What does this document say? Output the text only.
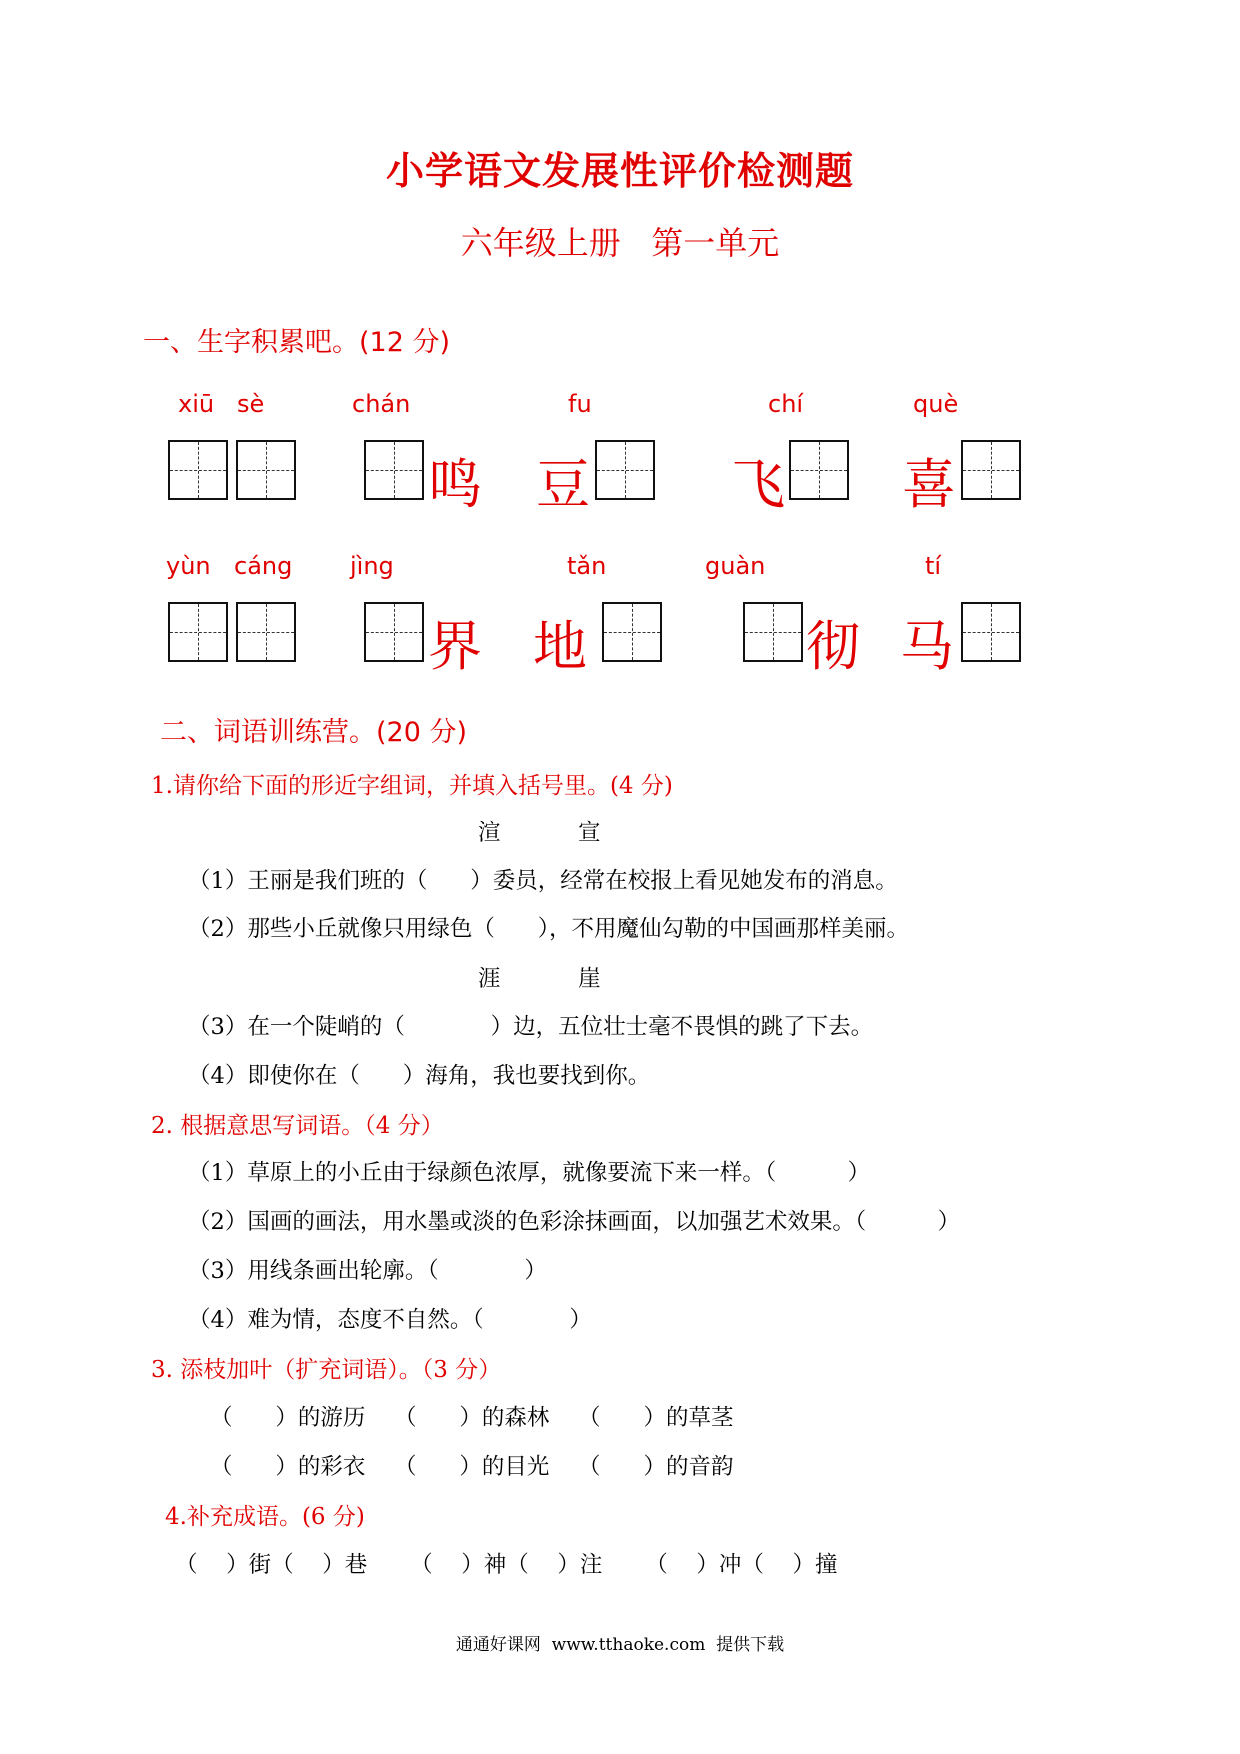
小学语文发展性评价检测题
六年级上册   第一单元
一、生字积累吧。(12 分)
xiū sè	chán	fu	chí	què
鸣 豆	飞 喜
yùn cáng jìng	tǎn	guàn	tí
界 地	彻 马
二、词语训练营。(20 分)
1.请你给下面的形近字组词，并填入括号里。(4 分)
渲	宣
（1）王丽是我们班的（      ）委员，经常在校报上看见她发布的消息。
（2）那些小丘就像只用绿色（      ），不用魔仙勾勒的中国画那样美丽。
涯	崖
（3）在一个陡峭的（            ）边，五位壮士毫不畏惧的跳了下去。
（4）即使你在（      ）海角，我也要找到你。
2. 根据意思写词语。（4 分）
（1）草原上的小丘由于绿颜色浓厚，就像要流下来一样。（          ）
（2）国画的画法，用水墨或淡的色彩涂抹画面，以加强艺术效果。（          ）
（3）用线条画出轮廓。（            ）
（4）难为情，态度不自然。（            ）
3. 添枝加叶（扩充词语）。（3 分）
（      ）的游历    （      ）的森林    （      ）的草茎
（      ）的彩衣    （      ）的目光    （      ）的音韵
4.补充成语。(6 分)
（    ）街（    ）巷      （    ）神（    ）注      （    ）冲（    ）撞
通通好课网  www.tthaoke.com  提供下载
